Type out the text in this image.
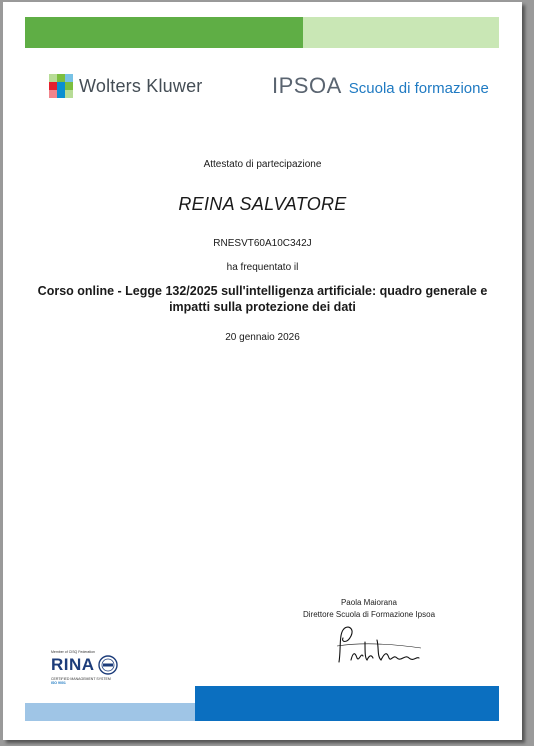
Wolters Kluwer	IPSOA Scuola di formazione
Attestato di partecipazione
REINA SALVATORE
RNESVT60A10C342J
ha frequentato il
Corso online - Legge 132/2025 sull'intelligenza artificiale: quadro generale e impatti sulla protezione dei dati
20 gennaio 2026
Paola Maiorana
Direttore Scuola di Formazione Ipsoa
Member of CISQ Federation
RINA
CERTIFIED MANAGEMENT SYSTEM
ISO 9001
